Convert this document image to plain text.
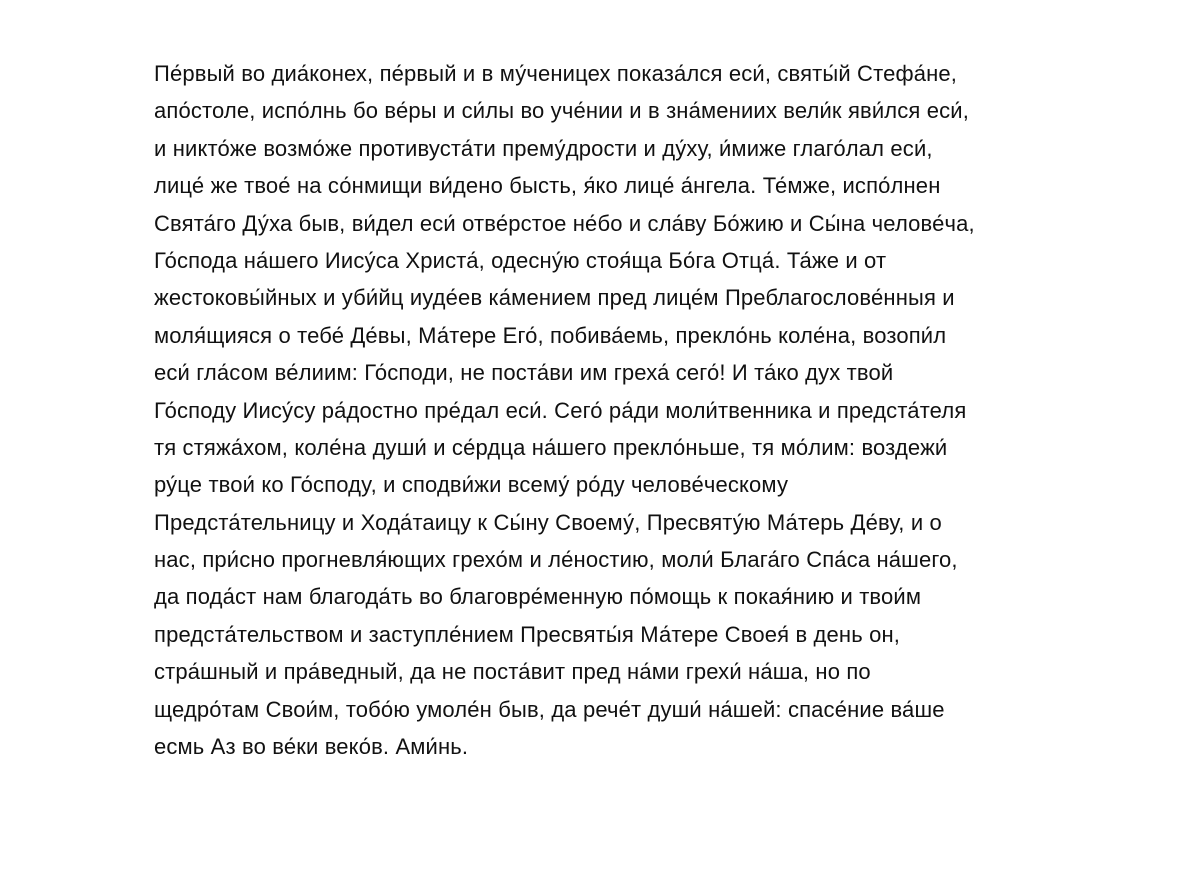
Пе́рвый во диа́конех, пе́рвый и в му́ченицех показа́лся еси́, святы́й Стефа́не,
апо́столе, испо́лнь бо ве́ры и си́лы во уче́нии и в зна́мениих вели́к яви́лся еси́,
и никто́же возмо́же противуста́ти прему́дрости и ду́ху, и́мижe глаго́лал еси́,
лице́ же твое́ на со́нмищи ви́дено бысть, я́ко лице́ а́нгела. Те́мже, испо́лнен
Свята́го Ду́ха быв, ви́дел еси́ отве́рстое не́бо и сла́ву Бо́жию и Сы́на челове́ча,
Го́спода на́шего Иису́са Христа́, одесну́ю стоя́ща Бо́га Отца́. Та́же и от
жестоковы́йных и уби́йц иуде́ев ка́мением пред лице́м Преблагослове́нныя и
моля́щияся о тебе́ Де́вы, Ма́тере Его́, побива́емь, прекло́нь коле́на, возопи́л
еси́ гла́сом ве́лиим: Го́споди, не поста́ви им греха́ сего́! И та́ко дух твой
Го́сподy Иису́су ра́достно пре́дал еси́. Сего́ ра́ди моли́твенника и предста́теля
тя стяжа́хом, коле́на души́ и се́рдца на́шего прекло́ньше, тя мо́лим: воздежи́
ру́це твои́ ко Го́сподy, и сподви́жи всему́ ро́ду челове́ческому
Предста́тельницу и Хода́таицу к Сы́ну Своему́, Пресвяту́ю Ма́терь Де́ву, и о
нас, при́сно прогневля́ющих грехо́м и ле́ностию, моли́ Блага́го Спа́са на́шего,
да пода́ст нам благода́ть во благовре́менную по́мощь к покая́нию и твои́м
предста́тельством и заступле́нием Пресвяты́я Ма́тере Своея́ в день он,
стра́шный и пра́ведный, да не поста́вит пред на́ми грехи́ на́ша, но по
щедро́там Свои́м, тобо́ю умоле́н быв, да рече́т души́ на́шей: спасе́ние ва́ше
есмь Аз во ве́ки веко́в. Ами́нь.
